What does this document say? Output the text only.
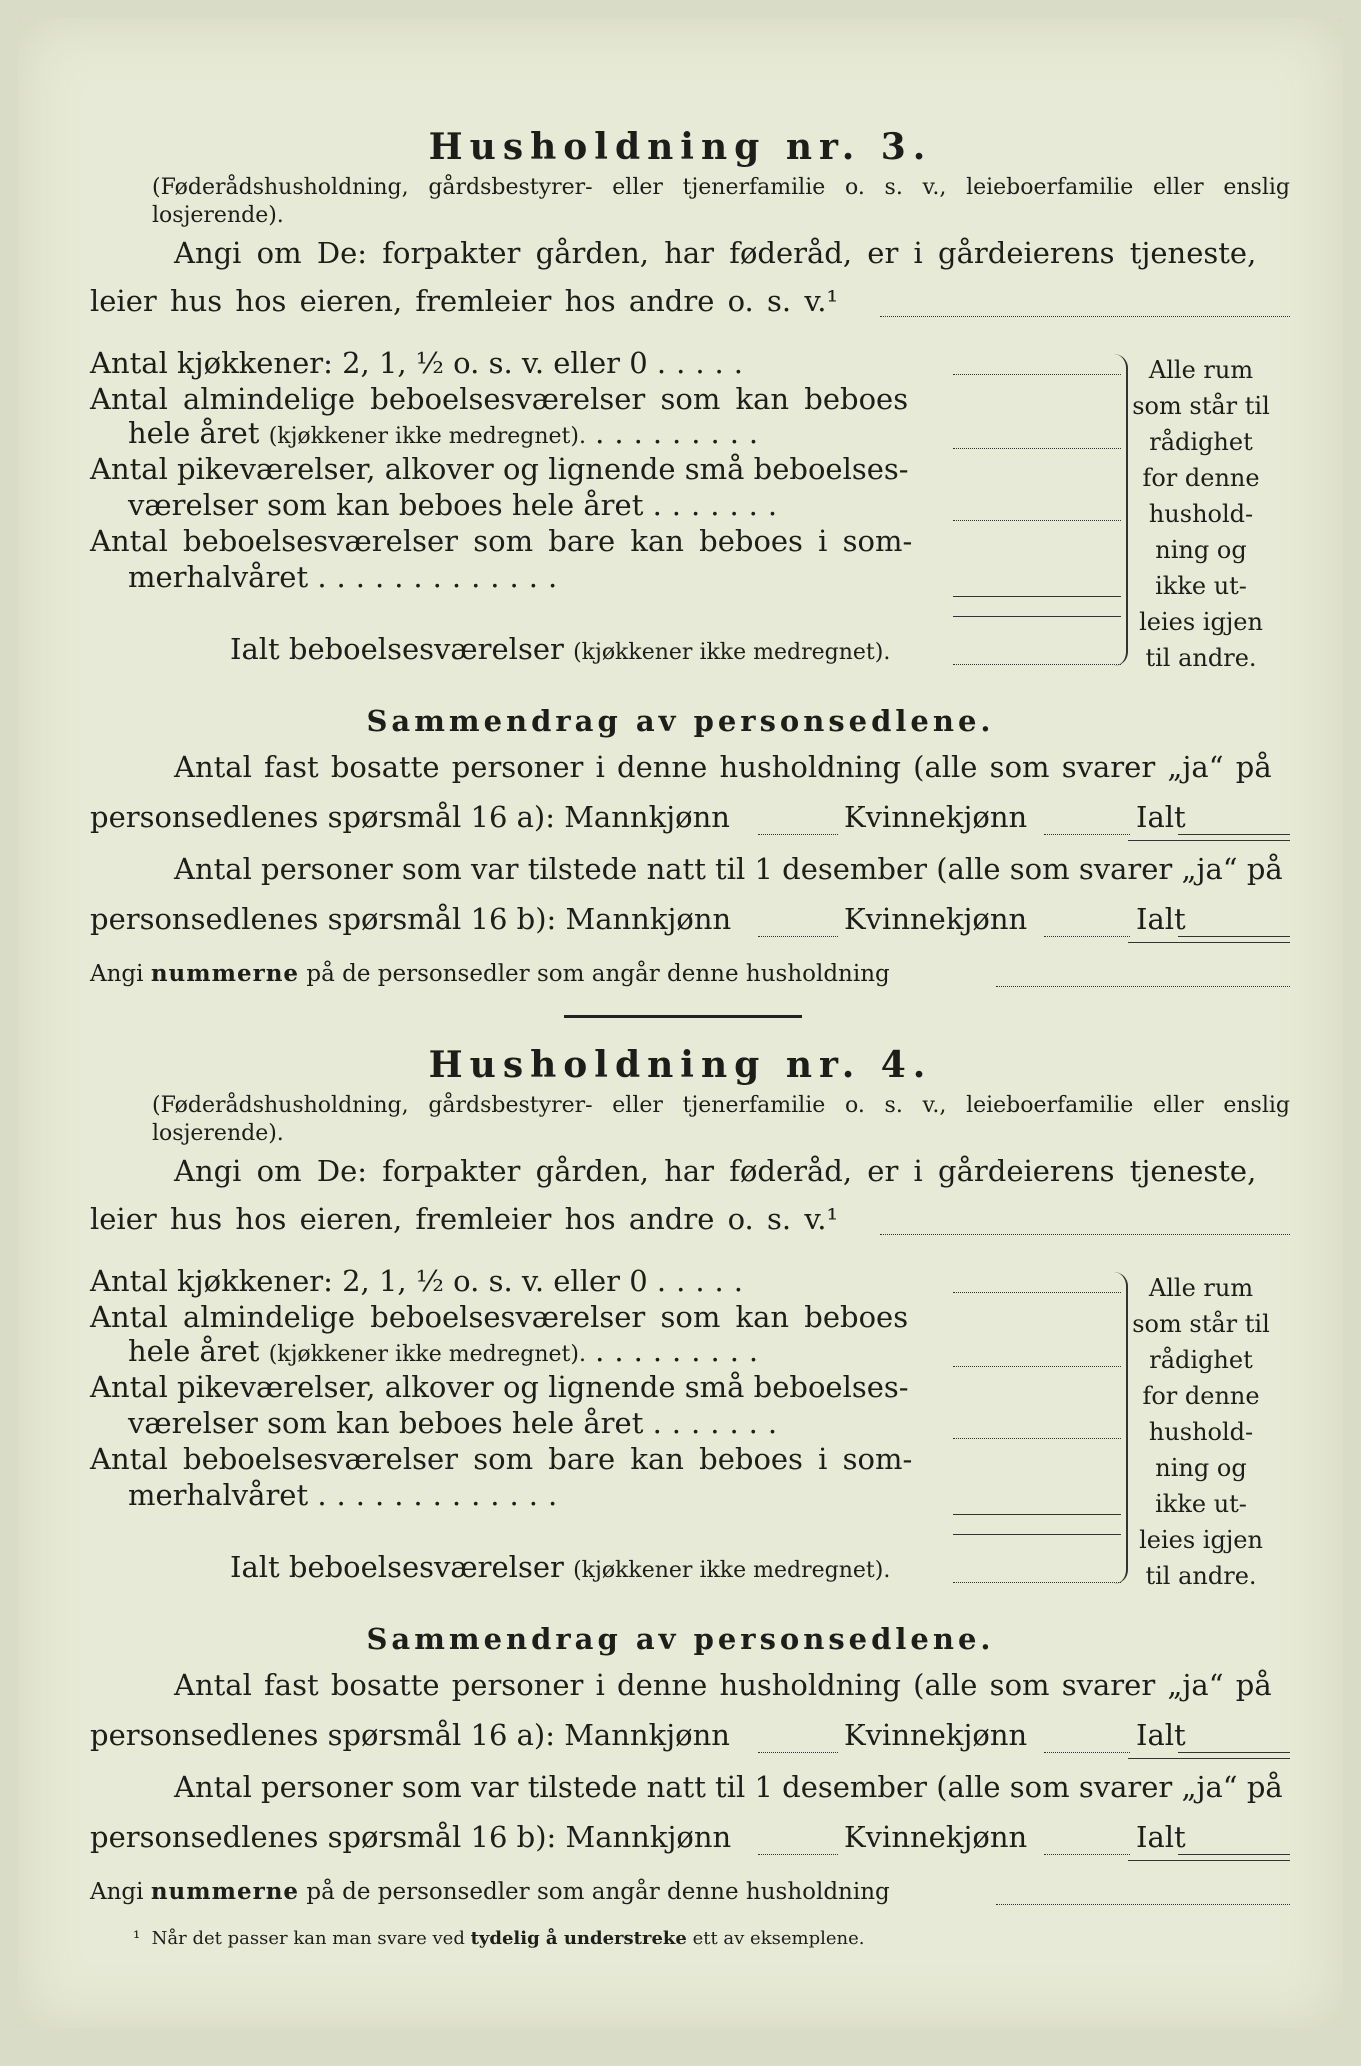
Husholdning nr. 3.
(Føderådshusholdning, gårdsbestyrer- eller tjenerfamilie o. s. v., leieboerfamilie eller enslig losjerende).
Angi om De: forpakter gården, har føderåd, er i gårdeierens tjeneste,
leier hus hos eieren, fremleier hos andre o. s. v.¹
Antal kjøkkener: 2, 1, ½ o. s. v. eller 0 .....
Antal almindelige beboelsesværelser som kan beboes
hele året (kjøkkener ikke medregnet). .........
Antal pikeværelser, alkover og lignende små beboelses-
værelser som kan beboes hele året .......
Antal beboelsesværelser som bare kan beboes i som-
merhalvåret .............
Ialt beboelsesværelser (kjøkkener ikke medregnet).
Alle rum
som står til
rådighet
for denne
hushold-
ning og
ikke ut-
leies igjen
til andre.
Sammendrag av personsedlene.
Antal fast bosatte personer i denne husholdning (alle som svarer „ja“ på
personsedlenes spørsmål 16 a): Mannkjønn	Kvinnekjønn	Ialt
Antal personer som var tilstede natt til 1 desember (alle som svarer „ja“ på
personsedlenes spørsmål 16 b): Mannkjønn	Kvinnekjønn	Ialt
Angi nummerne på de personsedler som angår denne husholdning
Husholdning nr. 4.
(Føderådshusholdning, gårdsbestyrer- eller tjenerfamilie o. s. v., leieboerfamilie eller enslig losjerende).
Angi om De: forpakter gården, har føderåd, er i gårdeierens tjeneste,
leier hus hos eieren, fremleier hos andre o. s. v.¹
Antal kjøkkener: 2, 1, ½ o. s. v. eller 0 .....
Antal almindelige beboelsesværelser som kan beboes
hele året (kjøkkener ikke medregnet). .........
Antal pikeværelser, alkover og lignende små beboelses-
værelser som kan beboes hele året .......
Antal beboelsesværelser som bare kan beboes i som-
merhalvåret .............
Ialt beboelsesværelser (kjøkkener ikke medregnet).
Alle rum
som står til
rådighet
for denne
hushold-
ning og
ikke ut-
leies igjen
til andre.
Sammendrag av personsedlene.
Antal fast bosatte personer i denne husholdning (alle som svarer „ja“ på
personsedlenes spørsmål 16 a): Mannkjønn	Kvinnekjønn	Ialt
Antal personer som var tilstede natt til 1 desember (alle som svarer „ja“ på
personsedlenes spørsmål 16 b): Mannkjønn	Kvinnekjønn	Ialt
Angi nummerne på de personsedler som angår denne husholdning
¹ Når det passer kan man svare ved tydelig å understreke ett av eksemplene.
